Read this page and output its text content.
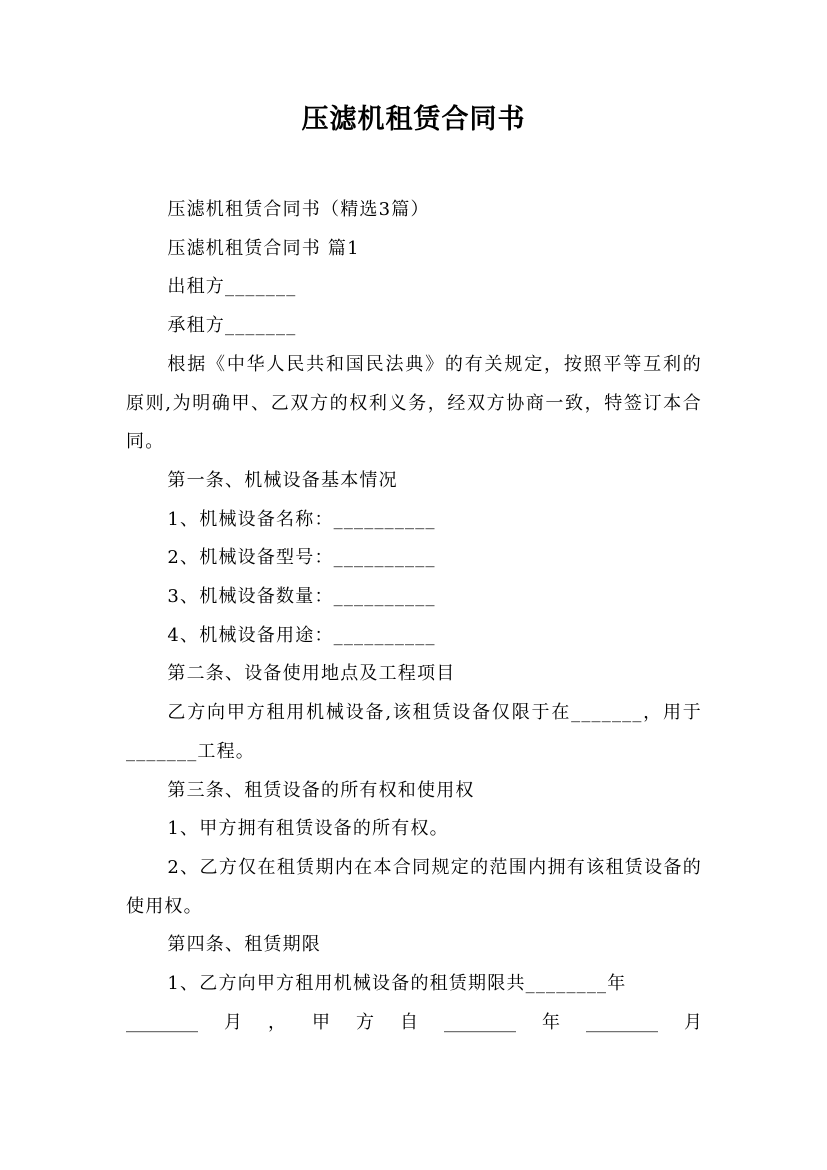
压滤机租赁合同书

压滤机租赁合同书（精选3篇）

压滤机租赁合同书 篇1

出租方_______

承租方_______

根据《中华人民共和国民法典》的有关规定，按照平等互利的原则,为明确甲、乙双方的权利义务，经双方协商一致，特签订本合同。

第一条、机械设备基本情况

1、机械设备名称：__________

2、机械设备型号：__________

3、机械设备数量：__________

4、机械设备用途：__________

第二条、设备使用地点及工程项目

乙方向甲方租用机械设备,该租赁设备仅限于在_______，用于_______工程。

第三条、租赁设备的所有权和使用权

1、甲方拥有租赁设备的所有权。

2、乙方仅在租赁期内在本合同规定的范围内拥有该租赁设备的使用权。

第四条、租赁期限

1、乙方向甲方租用机械设备的租赁期限共________年

________月，甲方自________年________月
